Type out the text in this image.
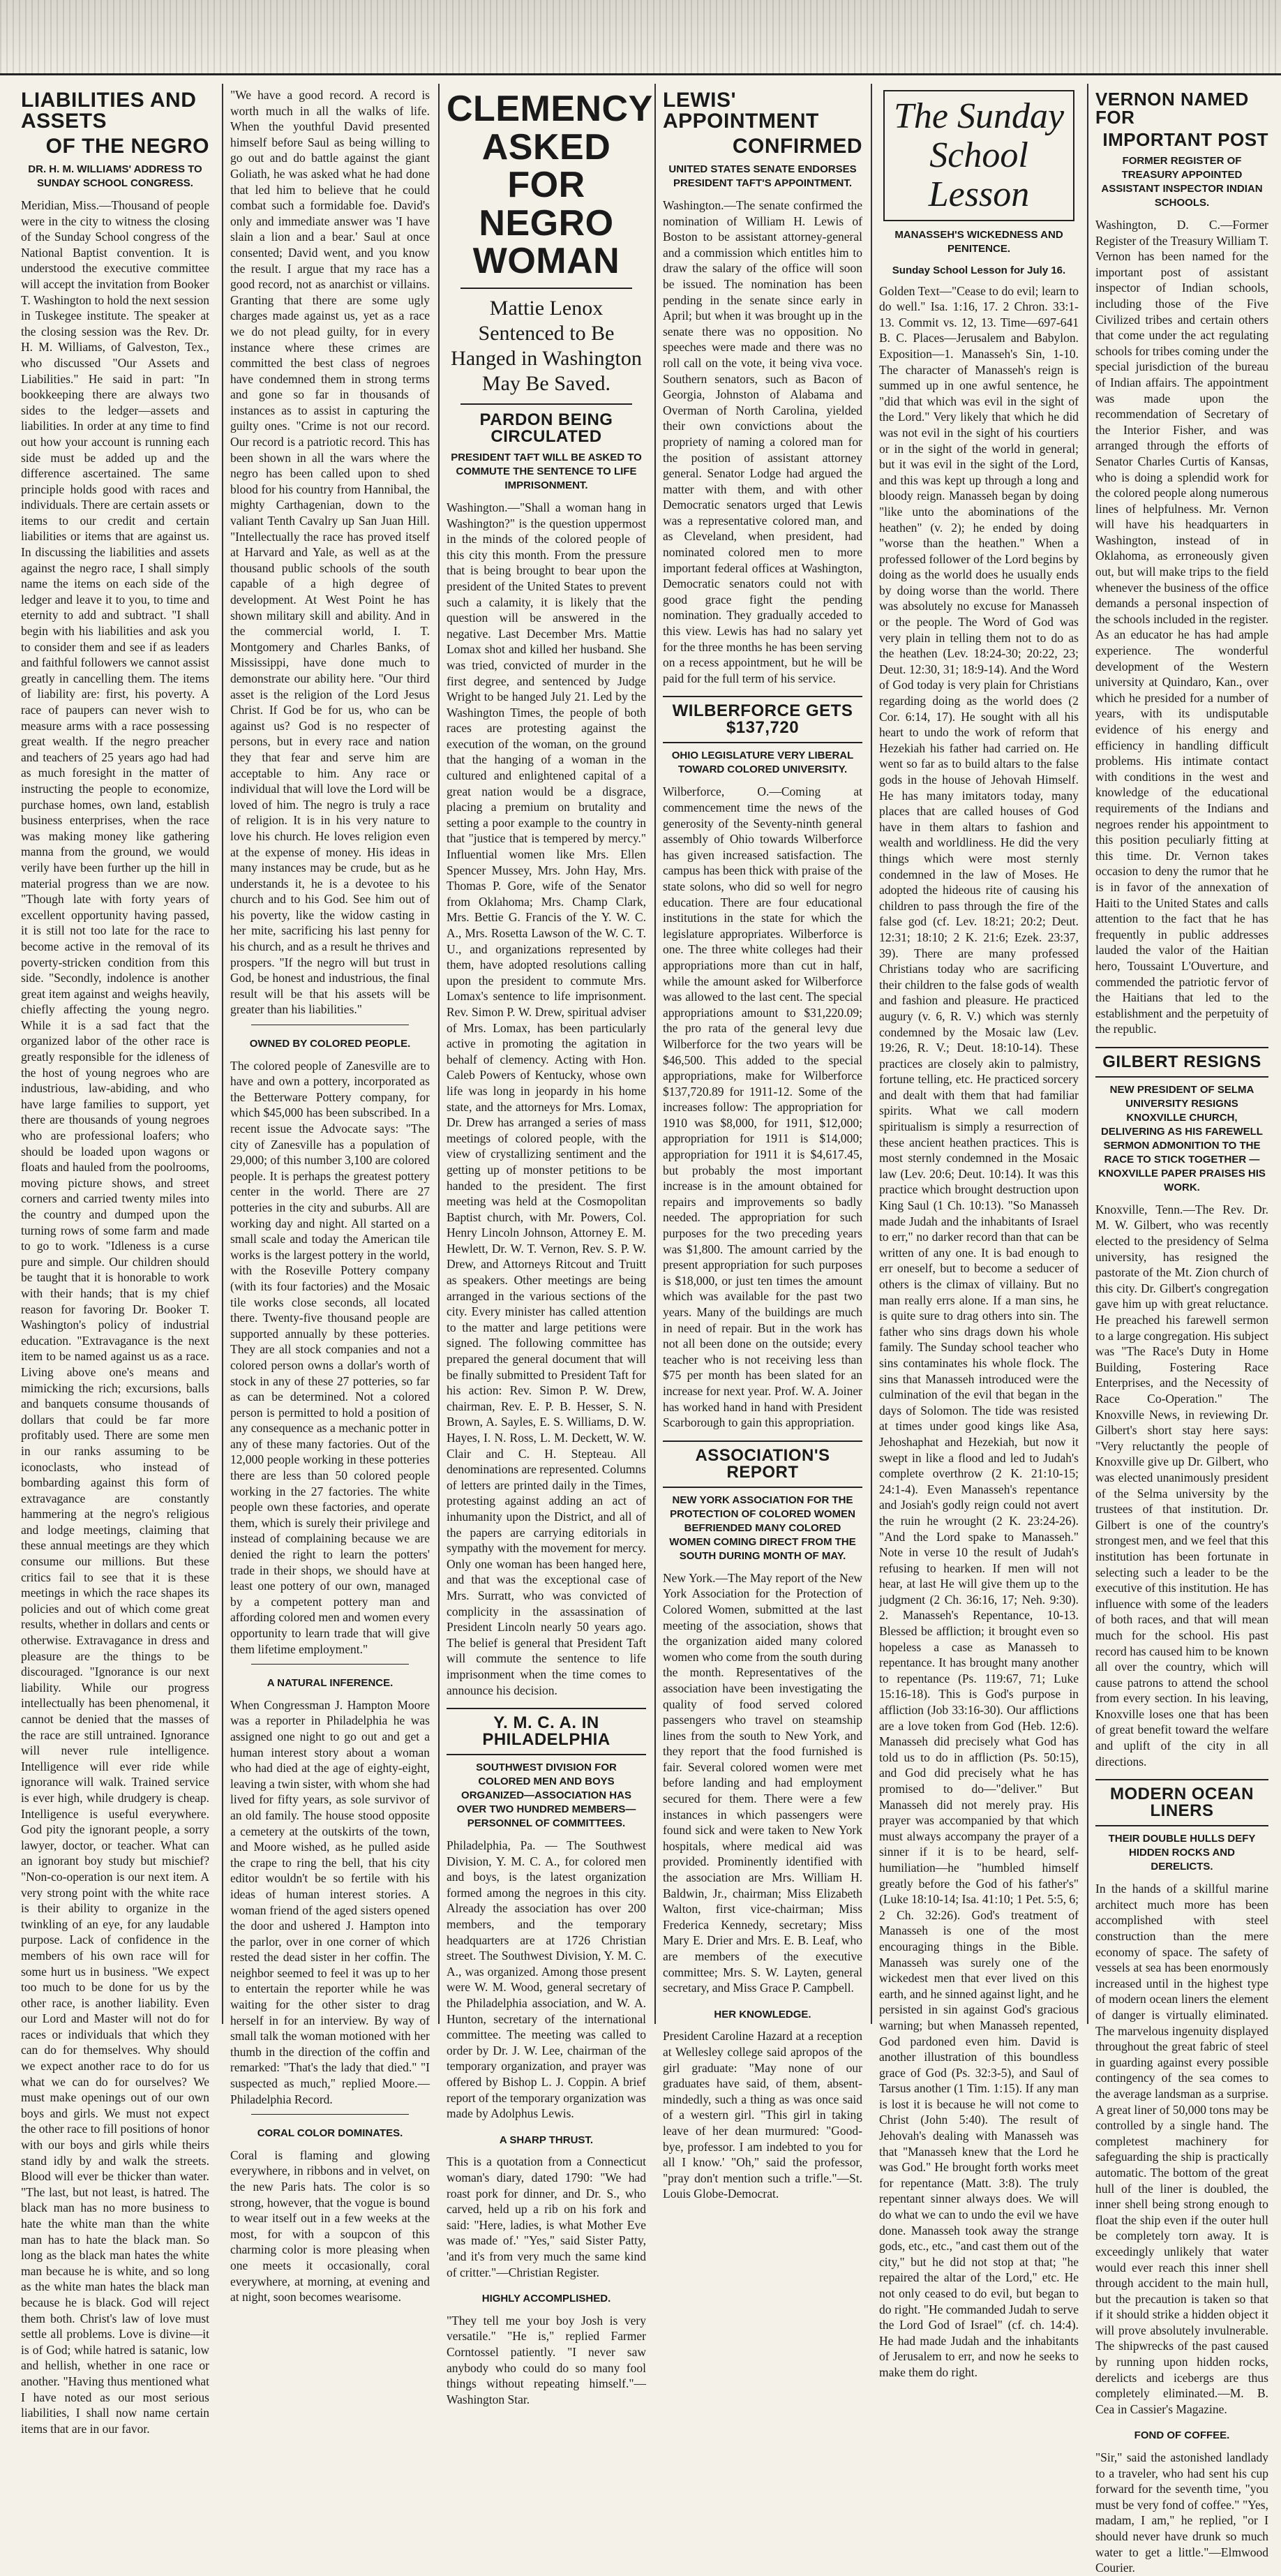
LIABILITIES AND ASSETS
OF THE NEGRO
DR. H. M. WILLIAMS' ADDRESS TO SUNDAY SCHOOL CONGRESS.
Meridian, Miss.—Thousand of people were in the city to witness the closing of the Sunday School congress of the National Baptist convention. It is understood the executive committee will accept the invitation from Booker T. Washington to hold the next session in Tuskegee institute. The speaker at the closing session was the Rev. Dr. H. M. Williams, of Galveston, Tex., who discussed "Our Assets and Liabilities." He said in part: "In bookkeeping there are always two sides to the ledger—assets and liabilities. In order at any time to find out how your account is running each side must be added up and the difference ascertained. The same principle holds good with races and individuals. There are certain assets or items to our credit and certain liabilities or items that are against us. In discussing the liabilities and assets against the negro race, I shall simply name the items on each side of the ledger and leave it to you, to time and eternity to add and subtract. "I shall begin with his liabilities and ask you to consider them and see if as leaders and faithful followers we cannot assist greatly in cancelling them. The items of liability are: first, his poverty. A race of paupers can never wish to measure arms with a race possessing great wealth. If the negro preacher and teachers of 25 years ago had had as much foresight in the matter of instructing the people to economize, purchase homes, own land, establish business enterprises, when the race was making money like gathering manna from the ground, we would verily have been further up the hill in material progress than we are now. "Though late with forty years of excellent opportunity having passed, it is still not too late for the race to become active in the removal of its poverty-stricken condition from this side. "Secondly, indolence is another great item against and weighs heavily, chiefly affecting the young negro. While it is a sad fact that the organized labor of the other race is greatly responsible for the idleness of the host of young negroes who are industrious, law-abiding, and who have large families to support, yet there are thousands of young negroes who are professional loafers; who should be loaded upon wagons or floats and hauled from the poolrooms, moving picture shows, and street corners and carried twenty miles into the country and dumped upon the turning rows of some farm and made to go to work. "Idleness is a curse pure and simple. Our children should be taught that it is honorable to work with their hands; that is my chief reason for favoring Dr. Booker T. Washington's policy of industrial education. "Extravagance is the next item to be named against us as a race. Living above one's means and mimicking the rich; excursions, balls and banquets consume thousands of dollars that could be far more profitably used. There are some men in our ranks assuming to be iconoclasts, who instead of bombarding against this form of extravagance are constantly hammering at the negro's religious and lodge meetings, claiming that these annual meetings are they which consume our millions. But these critics fail to see that it is these meetings in which the race shapes its policies and out of which come great results, whether in dollars and cents or otherwise. Extravagance in dress and pleasure are the things to be discouraged. "Ignorance is our next liability. While our progress intellectually has been phenomenal, it cannot be denied that the masses of the race are still untrained. Ignorance will never rule intelligence. Intelligence will ever ride while ignorance will walk. Trained service is ever high, while drudgery is cheap. Intelligence is useful everywhere. God pity the ignorant people, a sorry lawyer, doctor, or teacher. What can an ignorant boy study but mischief? "Non-co-operation is our next item. A very strong point with the white race is their ability to organize in the twinkling of an eye, for any laudable purpose. Lack of confidence in the members of his own race will for some hurt us in business. "We expect too much to be done for us by the other race, is another liability. Even our Lord and Master will not do for races or individuals that which they can do for themselves. Why should we expect another race to do for us what we can do for ourselves? We must make openings out of our own boys and girls. We must not expect the other race to fill positions of honor with our boys and girls while theirs stand idly by and walk the streets. Blood will ever be thicker than water. "The last, but not least, is hatred. The black man has no more business to hate the white man than the white man has to hate the black man. So long as the black man hates the white man because he is white, and so long as the white man hates the black man because he is black. God will reject them both. Christ's law of love must settle all problems. Love is divine—it is of God; while hatred is satanic, low and hellish, whether in one race or another. "Having thus mentioned what I have noted as our most serious liabilities, I shall now name certain items that are in our favor.
"We have a good record. A record is worth much in all the walks of life. When the youthful David presented himself before Saul as being willing to go out and do battle against the giant Goliath, he was asked what he had done that led him to believe that he could combat such a formidable foe. David's only and immediate answer was 'I have slain a lion and a bear.' Saul at once consented; David went, and you know the result. I argue that my race has a good record, not as anarchist or villains. Granting that there are some ugly charges made against us, yet as a race we do not plead guilty, for in every instance where these crimes are committed the best class of negroes have condemned them in strong terms and gone so far in thousands of instances as to assist in capturing the guilty ones. "Crime is not our record. Our record is a patriotic record. This has been shown in all the wars where the negro has been called upon to shed blood for his country from Hannibal, the mighty Carthagenian, down to the valiant Tenth Cavalry up San Juan Hill. "Intellectually the race has proved itself at Harvard and Yale, as well as at the thousand public schools of the south capable of a high degree of development. At West Point he has shown military skill and ability. And in the commercial world, I. T. Montgomery and Charles Banks, of Mississippi, have done much to demonstrate our ability here. "Our third asset is the religion of the Lord Jesus Christ. If God be for us, who can be against us? God is no respecter of persons, but in every race and nation they that fear and serve him are acceptable to him. Any race or individual that will love the Lord will be loved of him. The negro is truly a race of religion. It is in his very nature to love his church. He loves religion even at the expense of money. His ideas in many instances may be crude, but as he understands it, he is a devotee to his church and to his God. See him out of his poverty, like the widow casting in her mite, sacrificing his last penny for his church, and as a result he thrives and prospers. "If the negro will but trust in God, be honest and industrious, the final result will be that his assets will be greater than his liabilities."
OWNED BY COLORED PEOPLE.
The colored people of Zanesville are to have and own a pottery, incorporated as the Betterware Pottery company, for which $45,000 has been subscribed. In a recent issue the Advocate says: "The city of Zanesville has a population of 29,000; of this number 3,100 are colored people. It is perhaps the greatest pottery center in the world. There are 27 potteries in the city and suburbs. All are working day and night. All started on a small scale and today the American tile works is the largest pottery in the world, with the Roseville Pottery company (with its four factories) and the Mosaic tile works close seconds, all located there. Twenty-five thousand people are supported annually by these potteries. They are all stock companies and not a colored person owns a dollar's worth of stock in any of these 27 potteries, so far as can be determined. Not a colored person is permitted to hold a position of any consequence as a mechanic potter in any of these many factories. Out of the 12,000 people working in these potteries there are less than 50 colored people working in the 27 factories. The white people own these factories, and operate them, which is surely their privilege and instead of complaining because we are denied the right to learn the potters' trade in their shops, we should have at least one pottery of our own, managed by a competent pottery man and affording colored men and women every opportunity to learn trade that will give them lifetime employment."
A NATURAL INFERENCE.
When Congressman J. Hampton Moore was a reporter in Philadelphia he was assigned one night to go out and get a human interest story about a woman who had died at the age of eighty-eight, leaving a twin sister, with whom she had lived for fifty years, as sole survivor of an old family. The house stood opposite a cemetery at the outskirts of the town, and Moore wished, as he pulled aside the crape to ring the bell, that his city editor wouldn't be so fertile with his ideas of human interest stories. A woman friend of the aged sisters opened the door and ushered J. Hampton into the parlor, over in one corner of which rested the dead sister in her coffin. The neighbor seemed to feel it was up to her to entertain the reporter while he was waiting for the other sister to drag herself in for an interview. By way of small talk the woman motioned with her thumb in the direction of the coffin and remarked: "That's the lady that died." "I suspected as much," replied Moore.—Philadelphia Record.
CORAL COLOR DOMINATES.
Coral is flaming and glowing everywhere, in ribbons and in velvet, on the new Paris hats. The color is so strong, however, that the vogue is bound to wear itself out in a few weeks at the most, for with a soupcon of this charming color is more pleasing when one meets it occasionally, coral everywhere, at morning, at evening and at night, soon becomes wearisome.
CLEMENCY ASKED FOR NEGRO WOMAN
Mattie Lenox Sentenced to Be Hanged in Washington May Be Saved.
PARDON BEING CIRCULATED
PRESIDENT TAFT WILL BE ASKED TO COMMUTE THE SENTENCE TO LIFE IMPRISONMENT.
Washington.—"Shall a woman hang in Washington?" is the question uppermost in the minds of the colored people of this city this month. From the pressure that is being brought to bear upon the president of the United States to prevent such a calamity, it is likely that the question will be answered in the negative. Last December Mrs. Mattie Lomax shot and killed her husband. She was tried, convicted of murder in the first degree, and sentenced by Judge Wright to be hanged July 21. Led by the Washington Times, the people of both races are protesting against the execution of the woman, on the ground that the hanging of a woman in the cultured and enlightened capital of a great nation would be a disgrace, placing a premium on brutality and setting a poor example to the country in that "justice that is tempered by mercy." Influential women like Mrs. Ellen Spencer Mussey, Mrs. John Hay, Mrs. Thomas P. Gore, wife of the Senator from Oklahoma; Mrs. Champ Clark, Mrs. Bettie G. Francis of the Y. W. C. A., Mrs. Rosetta Lawson of the W. C. T. U., and organizations represented by them, have adopted resolutions calling upon the president to commute Mrs. Lomax's sentence to life imprisonment. Rev. Simon P. W. Drew, spiritual adviser of Mrs. Lomax, has been particularly active in promoting the agitation in behalf of clemency. Acting with Hon. Caleb Powers of Kentucky, whose own life was long in jeopardy in his home state, and the attorneys for Mrs. Lomax, Dr. Drew has arranged a series of mass meetings of colored people, with the view of crystallizing sentiment and the getting up of monster petitions to be handed to the president. The first meeting was held at the Cosmopolitan Baptist church, with Mr. Powers, Col. Henry Lincoln Johnson, Attorney E. M. Hewlett, Dr. W. T. Vernon, Rev. S. P. W. Drew, and Attorneys Ritcout and Truitt as speakers. Other meetings are being arranged in the various sections of the city. Every minister has called attention to the matter and large petitions were signed. The following committee has prepared the general document that will be finally submitted to President Taft for his action: Rev. Simon P. W. Drew, chairman, Rev. E. P. B. Hesser, S. N. Brown, A. Sayles, E. S. Williams, D. W. Hayes, I. N. Ross, L. M. Deckett, W. W. Clair and C. H. Stepteau. All denominations are represented. Columns of letters are printed daily in the Times, protesting against adding an act of inhumanity upon the District, and all of the papers are carrying editorials in sympathy with the movement for mercy. Only one woman has been hanged here, and that was the exceptional case of Mrs. Surratt, who was convicted of complicity in the assassination of President Lincoln nearly 50 years ago. The belief is general that President Taft will commute the sentence to life imprisonment when the time comes to announce his decision.
Y. M. C. A. IN PHILADELPHIA
SOUTHWEST DIVISION FOR COLORED MEN AND BOYS ORGANIZED—ASSOCIATION HAS OVER TWO HUNDRED MEMBERS—PERSONNEL OF COMMITTEES.
Philadelphia, Pa. — The Southwest Division, Y. M. C. A., for colored men and boys, is the latest organization formed among the negroes in this city. Already the association has over 200 members, and the temporary headquarters are at 1726 Christian street. The Southwest Division, Y. M. C. A., was organized. Among those present were W. M. Wood, general secretary of the Philadelphia association, and W. A. Hunton, secretary of the international committee. The meeting was called to order by Dr. J. W. Lee, chairman of the temporary organization, and prayer was offered by Bishop L. J. Coppin. A brief report of the temporary organization was made by Adolphus Lewis.
A SHARP THRUST.
This is a quotation from a Connecticut woman's diary, dated 1790: "We had roast pork for dinner, and Dr. S., who carved, held up a rib on his fork and said: "Here, ladies, is what Mother Eve was made of.' "Yes," said Sister Patty, 'and it's from very much the same kind of critter."—Christian Register.
HIGHLY ACCOMPLISHED.
"They tell me your boy Josh is very versatile." "He is," replied Farmer Corntossel patiently. "I never saw anybody who could do so many fool things without repeating himself."—Washington Star.
LEWIS' APPOINTMENT
CONFIRMED
UNITED STATES SENATE ENDORSES PRESIDENT TAFT'S APPOINTMENT.
Washington.—The senate confirmed the nomination of William H. Lewis of Boston to be assistant attorney-general and a commission which entitles him to draw the salary of the office will soon be issued. The nomination has been pending in the senate since early in April; but when it was brought up in the senate there was no opposition. No speeches were made and there was no roll call on the vote, it being viva voce. Southern senators, such as Bacon of Georgia, Johnston of Alabama and Overman of North Carolina, yielded their own convictions about the propriety of naming a colored man for the position of assistant attorney general. Senator Lodge had argued the matter with them, and with other Democratic senators urged that Lewis was a representative colored man, and as Cleveland, when president, had nominated colored men to more important federal offices at Washington, Democratic senators could not with good grace fight the pending nomination. They gradually acceded to this view. Lewis has had no salary yet for the three months he has been serving on a recess appointment, but he will be paid for the full term of his service.
WILBERFORCE GETS $137,720
OHIO LEGISLATURE VERY LIBERAL TOWARD COLORED UNIVERSITY.
Wilberforce, O.—Coming at commencement time the news of the generosity of the Seventy-ninth general assembly of Ohio towards Wilberforce has given increased satisfaction. The campus has been thick with praise of the state solons, who did so well for negro education. There are four educational institutions in the state for which the legislature appropriates. Wilberforce is one. The three white colleges had their appropriations more than cut in half, while the amount asked for Wilberforce was allowed to the last cent. The special appropriations amount to $31,220.09; the pro rata of the general levy due Wilberforce for the two years will be $46,500. This added to the special appropriations, make for Wilberforce $137,720.89 for 1911-12. Some of the increases follow: The appropriation for 1910 was $8,000, for 1911, $12,000; appropriation for 1911 is $14,000; appropriation for 1911 it is $4,617.45, but probably the most important increase is in the amount obtained for repairs and improvements so badly needed. The appropriation for such purposes for the two preceding years was $1,800. The amount carried by the present appropriation for such purposes is $18,000, or just ten times the amount which was available for the past two years. Many of the buildings are much in need of repair. But in the work has not all been done on the outside; every teacher who is not receiving less than $75 per month has been slated for an increase for next year. Prof. W. A. Joiner has worked hand in hand with President Scarborough to gain this appropriation.
ASSOCIATION'S REPORT
NEW YORK ASSOCIATION FOR THE PROTECTION OF COLORED WOMEN BEFRIENDED MANY COLORED WOMEN COMING DIRECT FROM THE SOUTH DURING MONTH OF MAY.
New York.—The May report of the New York Association for the Protection of Colored Women, submitted at the last meeting of the association, shows that the organization aided many colored women who come from the south during the month. Representatives of the association have been investigating the quality of food served colored passengers who travel on steamship lines from the south to New York, and they report that the food furnished is fair. Several colored women were met before landing and had employment secured for them. There were a few instances in which passengers were found sick and were taken to New York hospitals, where medical aid was provided. Prominently identified with the association are Mrs. William H. Baldwin, Jr., chairman; Miss Elizabeth Walton, first vice-chairman; Miss Frederica Kennedy, secretary; Miss Mary E. Drier and Mrs. E. B. Leaf, who are members of the executive committee; Mrs. S. W. Layten, general secretary, and Miss Grace P. Campbell.
HER KNOWLEDGE.
President Caroline Hazard at a reception at Wellesley college said apropos of the girl graduate: "May none of our graduates have said, of them, absent-mindedly, such a thing as was once said of a western girl. "This girl in taking leave of her dean murmured: "Good-bye, professor. I am indebted to you for all I know.' "Oh," said the professor, "pray don't mention such a trifle."—St. Louis Globe-Democrat.
The Sunday School Lesson
MANASSEH'S WICKEDNESS AND PENITENCE.
Sunday School Lesson for July 16.
Golden Text—"Cease to do evil; learn to do well." Isa. 1:16, 17. 2 Chron. 33:1-13. Commit vs. 12, 13. Time—697-641 B. C. Places—Jerusalem and Babylon. Exposition—1. Manasseh's Sin, 1-10. The character of Manasseh's reign is summed up in one awful sentence, he "did that which was evil in the sight of the Lord." Very likely that which he did was not evil in the sight of his courtiers or in the sight of the world in general; but it was evil in the sight of the Lord, and this was kept up through a long and bloody reign. Manasseh began by doing "like unto the abominations of the heathen" (v. 2); he ended by doing "worse than the heathen." When a professed follower of the Lord begins by doing as the world does he usually ends by doing worse than the world. There was absolutely no excuse for Manasseh or the people. The Word of God was very plain in telling them not to do as the heathen (Lev. 18:24-30; 20:22, 23; Deut. 12:30, 31; 18:9-14). And the Word of God today is very plain for Christians regarding doing as the world does (2 Cor. 6:14, 17). He sought with all his heart to undo the work of reform that Hezekiah his father had carried on. He went so far as to build altars to the false gods in the house of Jehovah Himself. He has many imitators today, many places that are called houses of God have in them altars to fashion and wealth and worldliness. He did the very things which were most sternly condemned in the law of Moses. He adopted the hideous rite of causing his children to pass through the fire of the false god (cf. Lev. 18:21; 20:2; Deut. 12:31; 18:10; 2 K. 21:6; Ezek. 23:37, 39). There are many professed Christians today who are sacrificing their children to the false gods of wealth and fashion and pleasure. He practiced augury (v. 6, R. V.) which was sternly condemned by the Mosaic law (Lev. 19:26, R. V.; Deut. 18:10-14). These practices are closely akin to palmistry, fortune telling, etc. He practiced sorcery and dealt with them that had familiar spirits. What we call modern spiritualism is simply a resurrection of these ancient heathen practices. This is most sternly condemned in the Mosaic law (Lev. 20:6; Deut. 10:14). It was this practice which brought destruction upon King Saul (1 Ch. 10:13). "So Manasseh made Judah and the inhabitants of Israel to err," no darker record than that can be written of any one. It is bad enough to err oneself, but to become a seducer of others is the climax of villainy. But no man really errs alone. If a man sins, he is quite sure to drag others into sin. The father who sins drags down his whole family. The Sunday school teacher who sins contaminates his whole flock. The sins that Manasseh introduced were the culmination of the evil that began in the days of Solomon. The tide was resisted at times under good kings like Asa, Jehoshaphat and Hezekiah, but now it swept in like a flood and led to Judah's complete overthrow (2 K. 21:10-15; 24:1-4). Even Manasseh's repentance and Josiah's godly reign could not avert the ruin he wrought (2 K. 23:24-26). "And the Lord spake to Manasseh." Note in verse 10 the result of Judah's refusing to hearken. If men will not hear, at last He will give them up to the judgment (2 Ch. 36:16, 17; Neh. 9:30). 2. Manasseh's Repentance, 10-13. Blessed be affliction; it brought even so hopeless a case as Manasseh to repentance. It has brought many another to repentance (Ps. 119:67, 71; Luke 15:16-18). This is God's purpose in affliction (Job 33:16-30). Our afflictions are a love token from God (Heb. 12:6). Manasseh did precisely what God has told us to do in affliction (Ps. 50:15), and God did precisely what he has promised to do—"deliver." But Manasseh did not merely pray. His prayer was accompanied by that which must always accompany the prayer of a sinner if it is to be heard, self-humiliation—he "humbled himself greatly before the God of his father's" (Luke 18:10-14; Isa. 41:10; 1 Pet. 5:5, 6; 2 Ch. 32:26). God's treatment of Manasseh is one of the most encouraging things in the Bible. Manasseh was surely one of the wickedest men that ever lived on this earth, and he sinned against light, and he persisted in sin against God's gracious warning; but when Manasseh repented, God pardoned even him. David is another illustration of this boundless grace of God (Ps. 32:3-5), and Saul of Tarsus another (1 Tim. 1:15). If any man is lost it is because he will not come to Christ (John 5:40). The result of Jehovah's dealing with Manasseh was that "Manasseh knew that the Lord he was God." He brought forth works meet for repentance (Matt. 3:8). The truly repentant sinner always does. We will do what we can to undo the evil we have done. Manasseh took away the strange gods, etc., etc., "and cast them out of the city," but he did not stop at that; "he repaired the altar of the Lord," etc. He not only ceased to do evil, but began to do right. "He commanded Judah to serve the Lord God of Israel" (cf. ch. 14:4). He had made Judah and the inhabitants of Jerusalem to err, and now he seeks to make them do right.
VERNON NAMED FOR
IMPORTANT POST
FORMER REGISTER OF TREASURY APPOINTED ASSISTANT INSPECTOR INDIAN SCHOOLS.
Washington, D. C.—Former Register of the Treasury William T. Vernon has been named for the important post of assistant inspector of Indian schools, including those of the Five Civilized tribes and certain others that come under the act regulating schools for tribes coming under the special jurisdiction of the bureau of Indian affairs. The appointment was made upon the recommendation of Secretary of the Interior Fisher, and was arranged through the efforts of Senator Charles Curtis of Kansas, who is doing a splendid work for the colored people along numerous lines of helpfulness. Mr. Vernon will have his headquarters in Washington, instead of in Oklahoma, as erroneously given out, but will make trips to the field whenever the business of the office demands a personal inspection of the schools included in the register. As an educator he has had ample experience. The wonderful development of the Western university at Quindaro, Kan., over which he presided for a number of years, with its undisputable evidence of his energy and efficiency in handling difficult problems. His intimate contact with conditions in the west and knowledge of the educational requirements of the Indians and negroes render his appointment to this position peculiarly fitting at this time. Dr. Vernon takes occasion to deny the rumor that he is in favor of the annexation of Haiti to the United States and calls attention to the fact that he has frequently in public addresses lauded the valor of the Haitian hero, Toussaint L'Ouverture, and commended the patriotic fervor of the Haitians that led to the establishment and the perpetuity of the republic.
GILBERT RESIGNS
NEW PRESIDENT OF SELMA UNIVERSITY RESIGNS KNOXVILLE CHURCH, DELIVERING AS HIS FAREWELL SERMON ADMONITION TO THE RACE TO STICK TOGETHER — KNOXVILLE PAPER PRAISES HIS WORK.
Knoxville, Tenn.—The Rev. Dr. M. W. Gilbert, who was recently elected to the presidency of Selma university, has resigned the pastorate of the Mt. Zion church of this city. Dr. Gilbert's congregation gave him up with great reluctance. He preached his farewell sermon to a large congregation. His subject was "The Race's Duty in Home Building, Fostering Race Enterprises, and the Necessity of Race Co-Operation." The Knoxville News, in reviewing Dr. Gilbert's short stay here says: "Very reluctantly the people of Knoxville give up Dr. Gilbert, who was elected unanimously president of the Selma university by the trustees of that institution. Dr. Gilbert is one of the country's strongest men, and we feel that this institution has been fortunate in selecting such a leader to be the executive of this institution. He has influence with some of the leaders of both races, and that will mean much for the school. His past record has caused him to be known all over the country, which will cause patrons to attend the school from every section. In his leaving, Knoxville loses one that has been of great benefit toward the welfare and uplift of the city in all directions.
MODERN OCEAN LINERS
THEIR DOUBLE HULLS DEFY HIDDEN ROCKS AND DERELICTS.
In the hands of a skillful marine architect much more has been accomplished with steel construction than the mere economy of space. The safety of vessels at sea has been enormously increased until in the highest type of modern ocean liners the element of danger is virtually eliminated. The marvelous ingenuity displayed throughout the great fabric of steel in guarding against every possible contingency of the sea comes to the average landsman as a surprise. A great liner of 50,000 tons may be controlled by a single hand. The completest machinery for safeguarding the ship is practically automatic. The bottom of the great hull of the liner is doubled, the inner shell being strong enough to float the ship even if the outer hull be completely torn away. It is exceedingly unlikely that water would ever reach this inner shell through accident to the main hull, but the precaution is taken so that if it should strike a hidden object it will prove absolutely invulnerable. The shipwrecks of the past caused by running upon hidden rocks, derelicts and icebergs are thus completely eliminated.—M. B. Cea in Cassier's Magazine.
FOND OF COFFEE.
"Sir," said the astonished landlady to a traveler, who had sent his cup forward for the seventh time, "you must be very fond of coffee." "Yes, madam, I am," he replied, "or I should never have drunk so much water to get a little."—Elmwood Courier.
